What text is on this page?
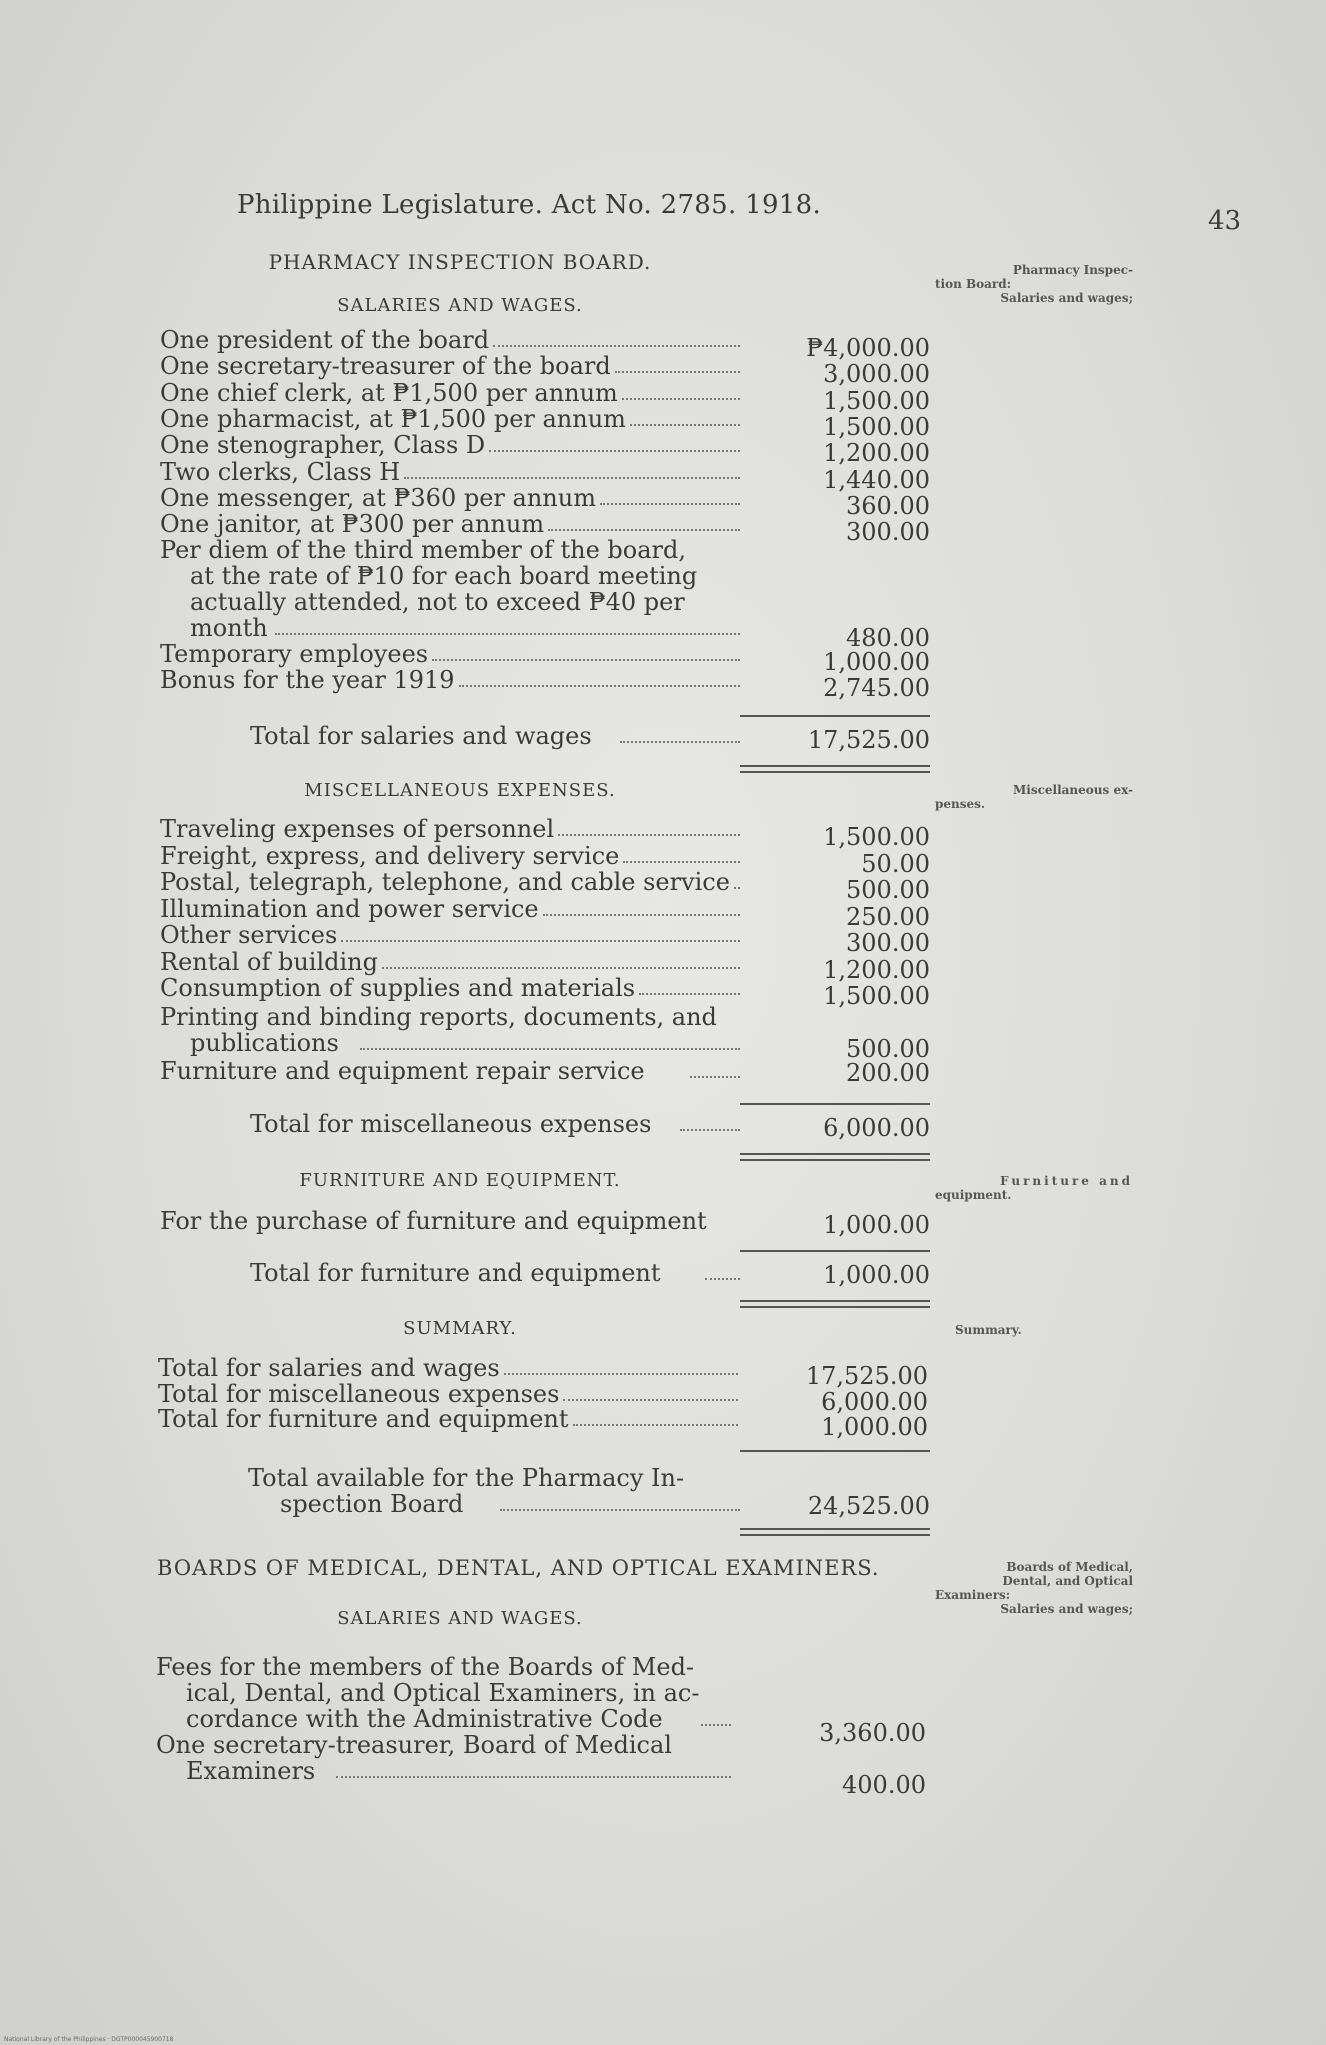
Philippine Legislature. Act No. 2785. 1918.
43
PHARMACY INSPECTION BOARD.
SALARIES AND WAGES.
One president of the board	₱4,000.00
One secretary-treasurer of the board	3,000.00
One chief clerk, at ₱1,500 per annum	1,500.00
One pharmacist, at ₱1,500 per annum	1,500.00
One stenographer, Class D	1,200.00
Two clerks, Class H	1,440.00
One messenger, at ₱360 per annum	360.00
One janitor, at ₱300 per annum	300.00
Per diem of the third member of the board,
at the rate of ₱10 for each board meeting
actually attended, not to exceed ₱40 per
month	480.00
Temporary employees	1,000.00
Bonus for the year 1919	2,745.00
Total for salaries and wages	17,525.00
MISCELLANEOUS EXPENSES.
Traveling expenses of personnel	1,500.00
Freight, express, and delivery service	50.00
Postal, telegraph, telephone, and cable service	500.00
Illumination and power service	250.00
Other services	300.00
Rental of building	1,200.00
Consumption of supplies and materials	1,500.00
Printing and binding reports, documents, and
publications	500.00
Furniture and equipment repair service	200.00
Total for miscellaneous expenses	6,000.00
FURNITURE AND EQUIPMENT.
For the purchase of furniture and equipment	1,000.00
Total for furniture and equipment	1,000.00
SUMMARY.
Total for salaries and wages	17,525.00
Total for miscellaneous expenses	6,000.00
Total for furniture and equipment	1,000.00
Total available for the Pharmacy In-
spection Board	24,525.00
BOARDS OF MEDICAL, DENTAL, AND OPTICAL EXAMINERS.
SALARIES AND WAGES.
Fees for the members of the Boards of Med-
ical, Dental, and Optical Examiners, in ac-
cordance with the Administrative Code	3,360.00
One secretary-treasurer, Board of Medical
Examiners	400.00
Pharmacy Inspec-
tion Board:
Salaries and wages;
Miscellaneous ex-
penses.
Furniture and
equipment.
Summary.
Boards of Medical,
Dental, and Optical
Examiners:
Salaries and wages;
National Library of the Philippines · DGTP000045900718
